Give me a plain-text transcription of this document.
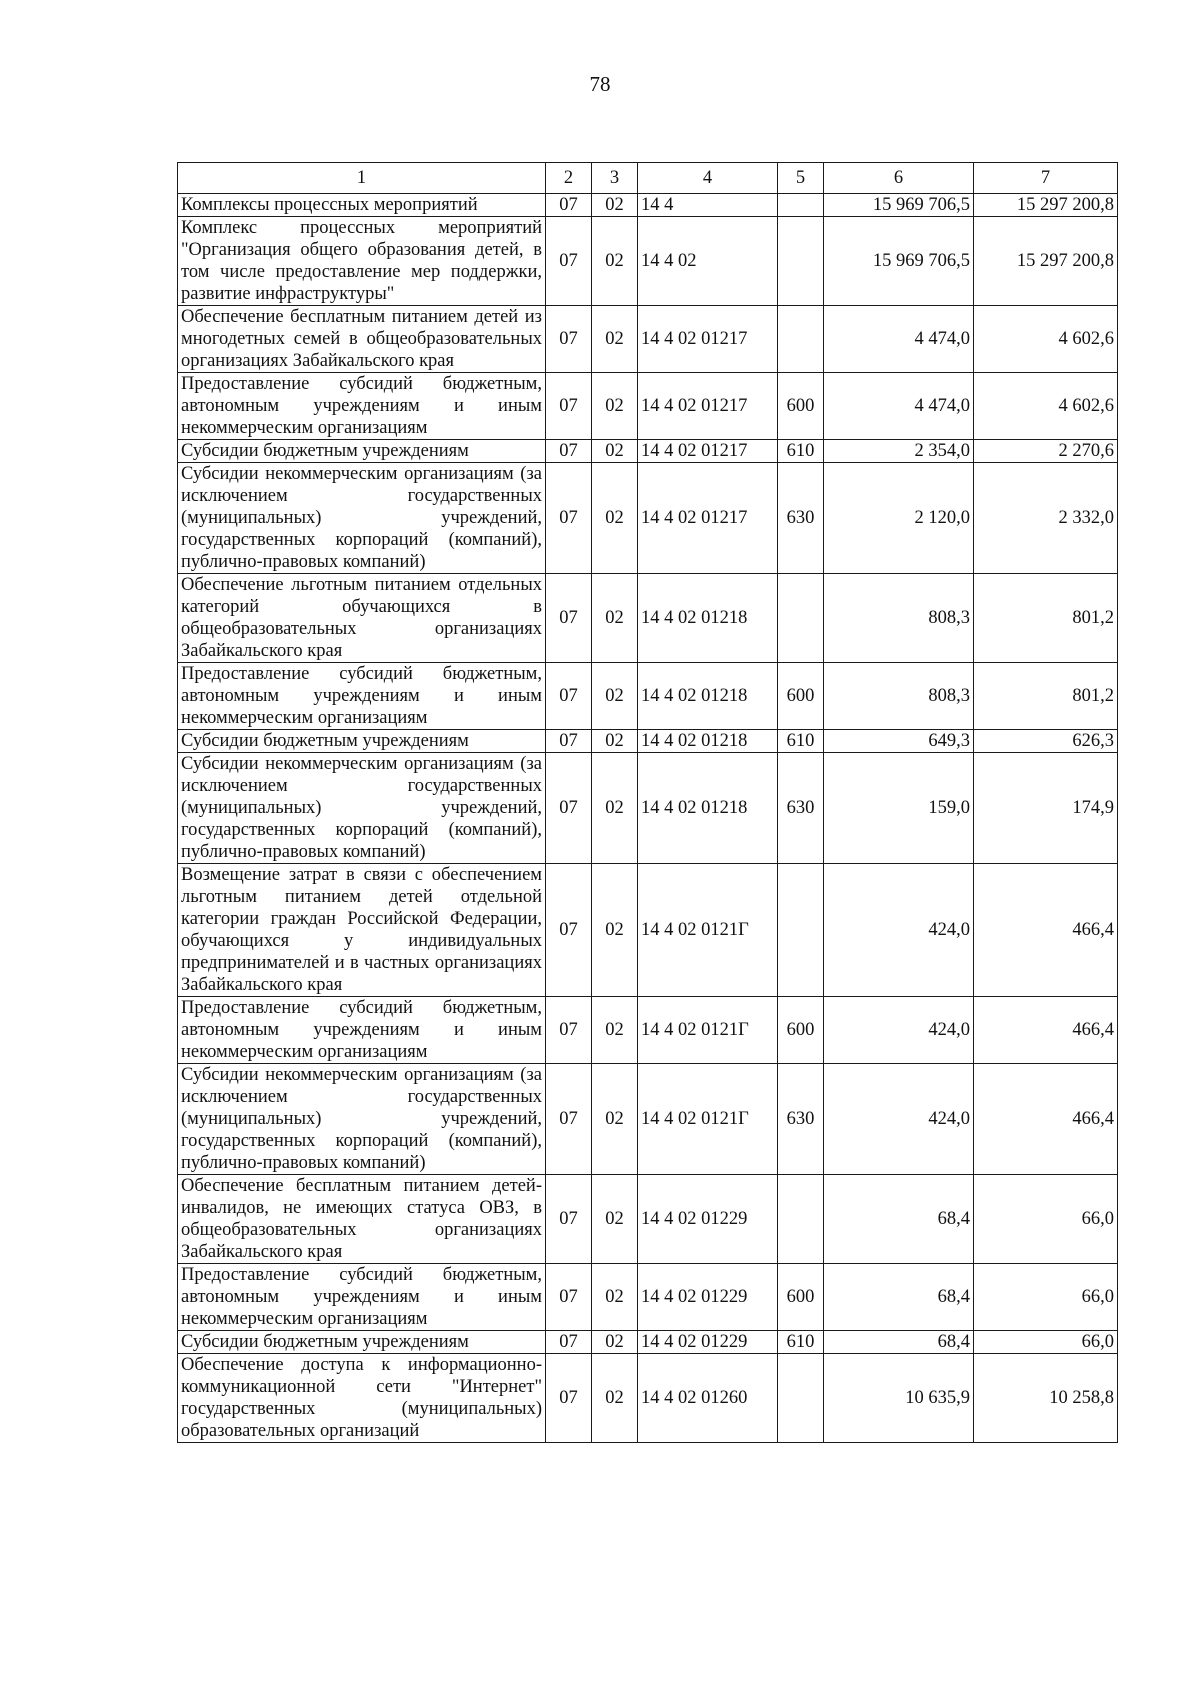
78
1	2	3	4	5	6	7
Комплексы процессных мероприятий	07	02	14 4		15 969 706,5	15 297 200,8
Комплекс процессных мероприятий "Организация общего образования детей, в том числе предоставление мер поддержки, развитие инфраструктуры"	07	02	14 4 02		15 969 706,5	15 297 200,8
Обеспечение бесплатным питанием детей из многодетных семей в общеобразовательных организациях Забайкальского края	07	02	14 4 02 01217		4 474,0	4 602,6
Предоставление субсидий бюджетным, автономным учреждениям и иным некоммерческим организациям	07	02	14 4 02 01217	600	4 474,0	4 602,6
Субсидии бюджетным учреждениям	07	02	14 4 02 01217	610	2 354,0	2 270,6
Субсидии некоммерческим организациям (за исключением государственных (муниципальных) учреждений, государственных корпораций (компаний), публично-правовых компаний)	07	02	14 4 02 01217	630	2 120,0	2 332,0
Обеспечение льготным питанием отдельных категорий обучающихся в общеобразовательных организациях Забайкальского края	07	02	14 4 02 01218		808,3	801,2
Предоставление субсидий бюджетным, автономным учреждениям и иным некоммерческим организациям	07	02	14 4 02 01218	600	808,3	801,2
Субсидии бюджетным учреждениям	07	02	14 4 02 01218	610	649,3	626,3
Субсидии некоммерческим организациям (за исключением государственных (муниципальных) учреждений, государственных корпораций (компаний), публично-правовых компаний)	07	02	14 4 02 01218	630	159,0	174,9
Возмещение затрат в связи с обеспечением льготным питанием детей отдельной категории граждан Российской Федерации, обучающихся у индивидуальных предпринимателей и в частных организациях Забайкальского края	07	02	14 4 02 0121Г		424,0	466,4
Предоставление субсидий бюджетным, автономным учреждениям и иным некоммерческим организациям	07	02	14 4 02 0121Г	600	424,0	466,4
Субсидии некоммерческим организациям (за исключением государственных (муниципальных) учреждений, государственных корпораций (компаний), публично-правовых компаний)	07	02	14 4 02 0121Г	630	424,0	466,4
Обеспечение бесплатным питанием детей-инвалидов, не имеющих статуса ОВЗ, в общеобразовательных организациях Забайкальского края	07	02	14 4 02 01229		68,4	66,0
Предоставление субсидий бюджетным, автономным учреждениям и иным некоммерческим организациям	07	02	14 4 02 01229	600	68,4	66,0
Субсидии бюджетным учреждениям	07	02	14 4 02 01229	610	68,4	66,0
Обеспечение доступа к информационно-коммуникационной сети "Интернет" государственных (муниципальных) образовательных организаций	07	02	14 4 02 01260		10 635,9	10 258,8
